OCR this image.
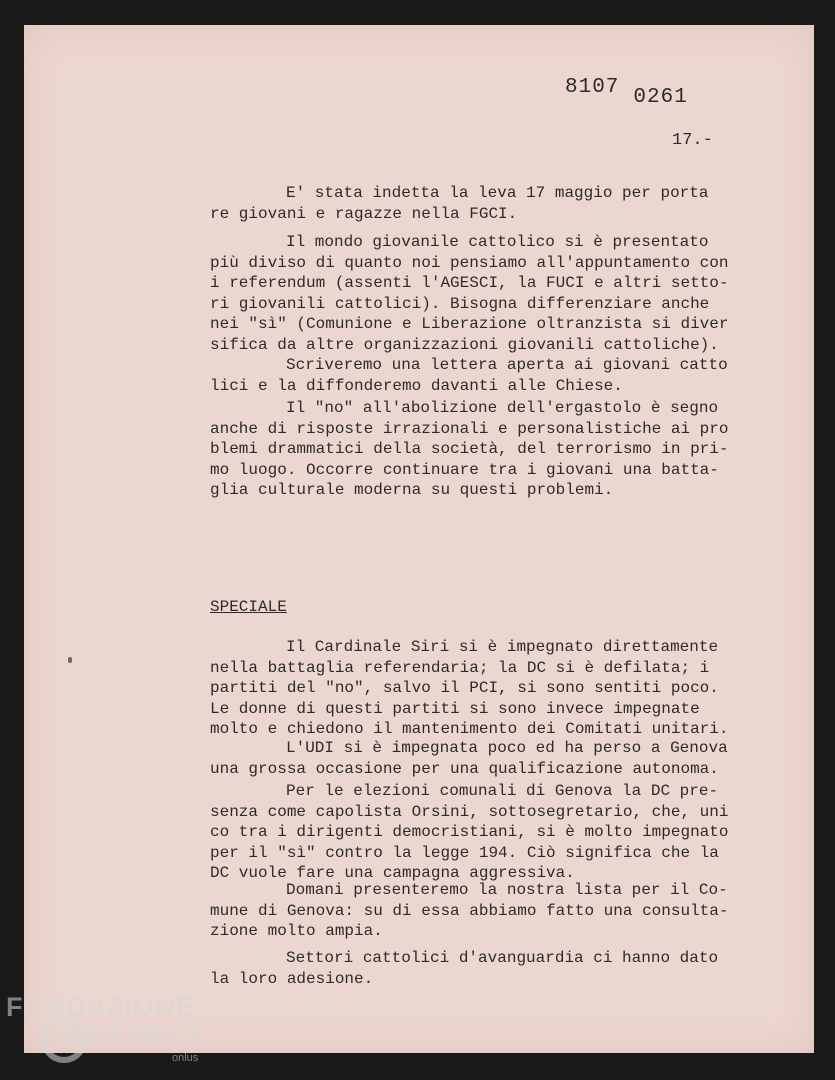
8107 0261
17.-
E' stata indetta la leva 17 maggio per porta
re giovani e ragazze nella FGCI.
Il mondo giovanile cattolico si è presentato
più diviso di quanto noi pensiamo all'appuntamento con
i referendum (assenti l'AGESCI, la FUCI e altri setto-
ri giovanili cattolici). Bisogna differenziare anche
nei "sì" (Comunione e Liberazione oltranzista si diver
sifica da altre organizzazioni giovanili cattoliche).
Scriveremo una lettera aperta ai giovani catto
lici e la diffonderemo davanti alle Chiese.
Il "no" all'abolizione dell'ergastolo è segno
anche di risposte irrazionali e personalistiche ai pro
blemi drammatici della società, del terrorismo in pri-
mo luogo. Occorre continuare tra i giovani una batta-
glia culturale moderna su questi problemi.
SPECIALE
Il Cardinale Siri si è impegnato direttamente
nella battaglia referendaria; la DC si è defilata; i
partiti del "no", salvo il PCI, si sono sentiti poco.
Le donne di questi partiti si sono invece impegnate
molto e chiedono il mantenimento dei Comitati unitari.
L'UDI si è impegnata poco ed ha perso a Genova
una grossa occasione per una qualificazione autonoma.
Per le elezioni comunali di Genova la DC pre-
senza come capolista Orsini, sottosegretario, che, uni
co tra i dirigenti democristiani, si è molto impegnato
per il "sì" contro la legge 194. Ciò significa che la
DC vuole fare una campagna aggressiva.
Domani presenteremo la nostra lista per il Co-
mune di Genova: su di essa abbiamo fatto una consulta-
zione molto ampia.
Settori cattolici d'avanguardia ci hanno dato
la loro adesione.
FONDAZIONE
GRAMSCI
onlus
